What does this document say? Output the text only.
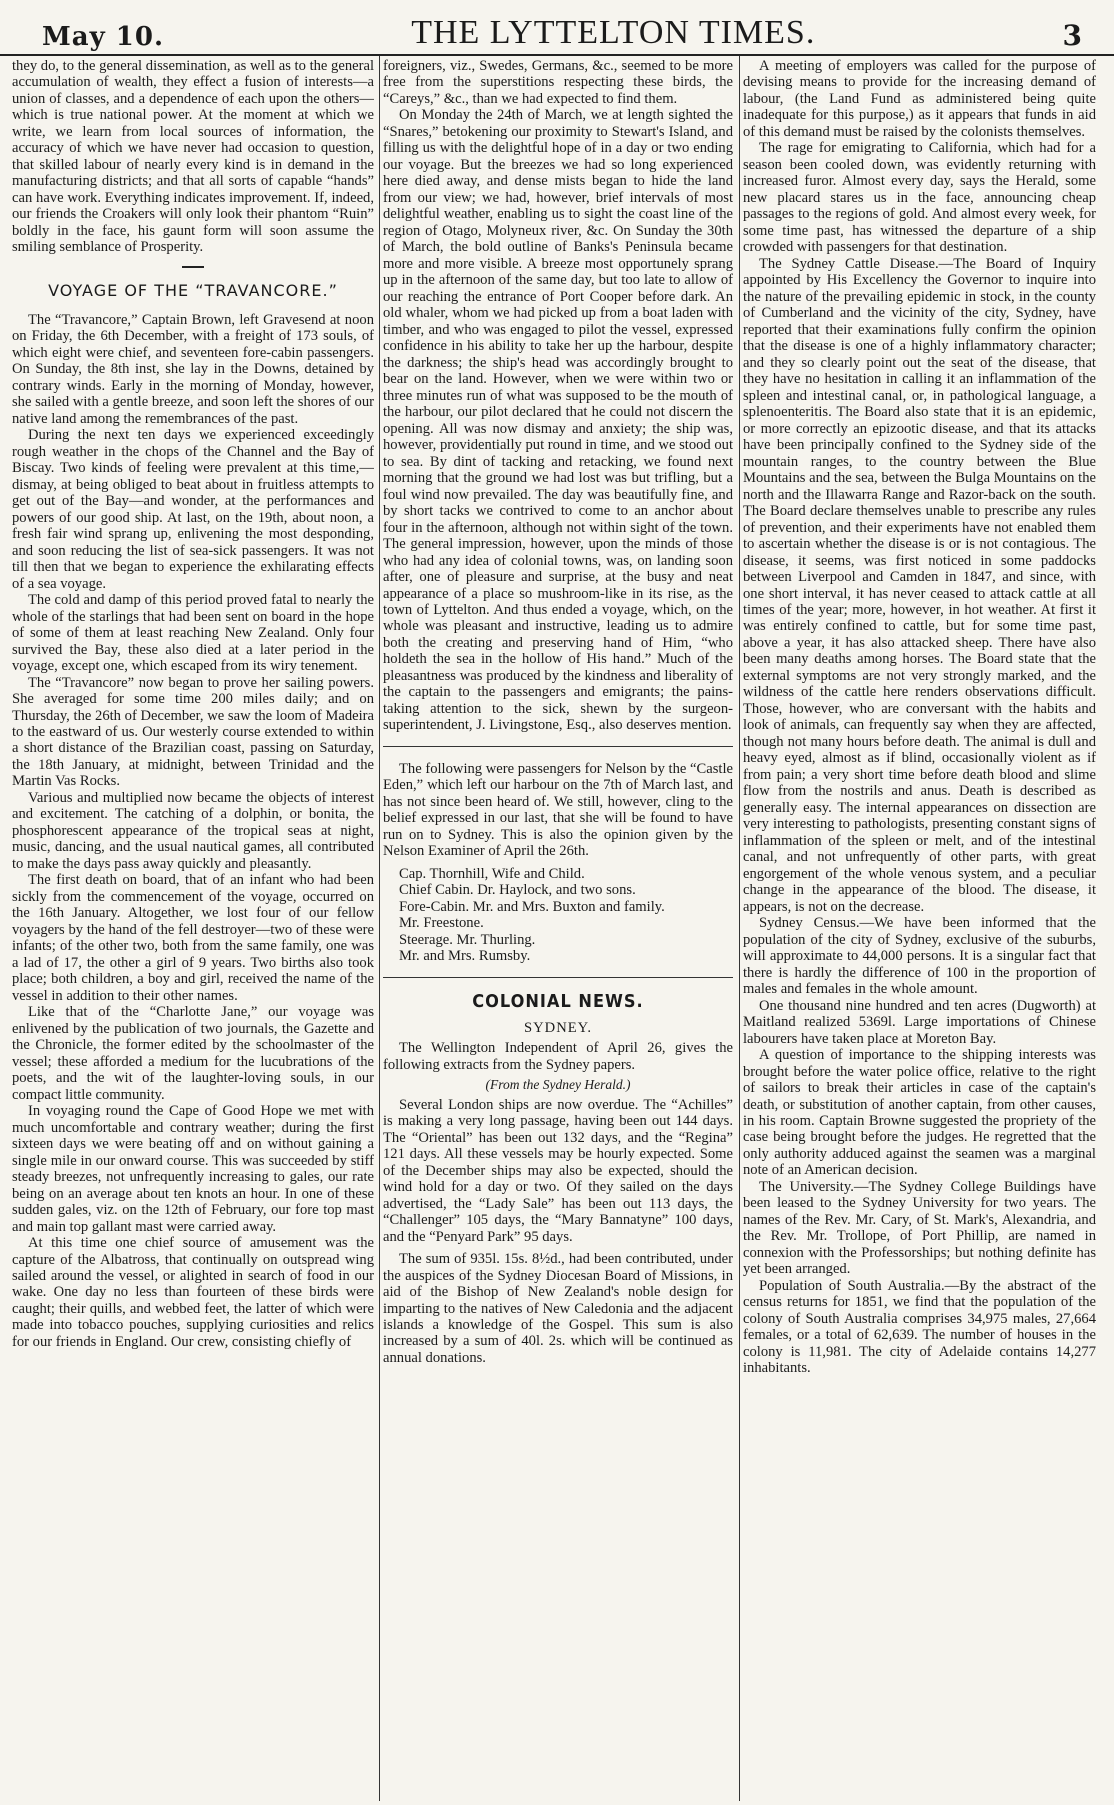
May 10.	THE LYTTELTON TIMES.	3

they do, to the general dissemination, as well as to the general accumulation of wealth, they effect a fusion of interests—a union of classes, and a dependence of each upon the others—which is true national power. At the moment at which we write, we learn from local sources of information, the accuracy of which we have never had occasion to question, that skilled labour of nearly every kind is in demand in the manufacturing districts; and that all sorts of capable “hands” can have work. Everything indicates improvement. If, indeed, our friends the Croakers will only look their phantom “Ruin” boldly in the face, his gaunt form will soon assume the smiling semblance of Prosperity.

VOYAGE OF THE “TRAVANCORE.”

The “Travancore,” Captain Brown, left Gravesend at noon on Friday, the 6th December, with a freight of 173 souls, of which eight were chief, and seventeen fore-cabin passengers. On Sunday, the 8th inst, she lay in the Downs, detained by contrary winds. Early in the morning of Monday, however, she sailed with a gentle breeze, and soon left the shores of our native land among the remembrances of the past.

During the next ten days we experienced exceedingly rough weather in the chops of the Channel and the Bay of Biscay. Two kinds of feeling were prevalent at this time,—dismay, at being obliged to beat about in fruitless attempts to get out of the Bay—and wonder, at the performances and powers of our good ship. At last, on the 19th, about noon, a fresh fair wind sprang up, enlivening the most desponding, and soon reducing the list of sea-sick passengers. It was not till then that we began to experience the exhilarating effects of a sea voyage.

The cold and damp of this period proved fatal to nearly the whole of the starlings that had been sent on board in the hope of some of them at least reaching New Zealand. Only four survived the Bay, these also died at a later period in the voyage, except one, which escaped from its wiry tenement.

The “Travancore” now began to prove her sailing powers. She averaged for some time 200 miles daily; and on Thursday, the 26th of December, we saw the loom of Madeira to the eastward of us. Our westerly course extended to within a short distance of the Brazilian coast, passing on Saturday, the 18th January, at midnight, between Trinidad and the Martin Vas Rocks.

Various and multiplied now became the objects of interest and excitement. The catching of a dolphin, or bonita, the phosphorescent appearance of the tropical seas at night, music, dancing, and the usual nautical games, all contributed to make the days pass away quickly and pleasantly.

The first death on board, that of an infant who had been sickly from the commencement of the voyage, occurred on the 16th January. Altogether, we lost four of our fellow voyagers by the hand of the fell destroyer—two of these were infants; of the other two, both from the same family, one was a lad of 17, the other a girl of 9 years. Two births also took place; both children, a boy and girl, received the name of the vessel in addition to their other names.

Like that of the “Charlotte Jane,” our voyage was enlivened by the publication of two journals, the Gazette and the Chronicle, the former edited by the schoolmaster of the vessel; these afforded a medium for the lucubrations of the poets, and the wit of the laughter-loving souls, in our compact little community.

In voyaging round the Cape of Good Hope we met with much uncomfortable and contrary weather; during the first sixteen days we were beating off and on without gaining a single mile in our onward course. This was succeeded by stiff steady breezes, not unfrequently increasing to gales, our rate being on an average about ten knots an hour. In one of these sudden gales, viz. on the 12th of February, our fore top mast and main top gallant mast were carried away.

At this time one chief source of amusement was the capture of the Albatross, that continually on outspread wing sailed around the vessel, or alighted in search of food in our wake. One day no less than fourteen of these birds were caught; their quills, and webbed feet, the latter of which were made into tobacco pouches, supplying curiosities and relics for our friends in England. Our crew, consisting chiefly of

foreigners, viz., Swedes, Germans, &c., seemed to be more free from the superstitions respecting these birds, the “Careys,” &c., than we had expected to find them.

On Monday the 24th of March, we at length sighted the “Snares,” betokening our proximity to Stewart's Island, and filling us with the delightful hope of in a day or two ending our voyage. But the breezes we had so long experienced here died away, and dense mists began to hide the land from our view; we had, however, brief intervals of most delightful weather, enabling us to sight the coast line of the region of Otago, Molyneux river, &c. On Sunday the 30th of March, the bold outline of Banks's Peninsula became more and more visible. A breeze most opportunely sprang up in the afternoon of the same day, but too late to allow of our reaching the entrance of Port Cooper before dark. An old whaler, whom we had picked up from a boat laden with timber, and who was engaged to pilot the vessel, expressed confidence in his ability to take her up the harbour, despite the darkness; the ship's head was accordingly brought to bear on the land. However, when we were within two or three minutes run of what was supposed to be the mouth of the harbour, our pilot declared that he could not discern the opening. All was now dismay and anxiety; the ship was, however, providentially put round in time, and we stood out to sea. By dint of tacking and retacking, we found next morning that the ground we had lost was but trifling, but a foul wind now prevailed. The day was beautifully fine, and by short tacks we contrived to come to an anchor about four in the afternoon, although not within sight of the town. The general impression, however, upon the minds of those who had any idea of colonial towns, was, on landing soon after, one of pleasure and surprise, at the busy and neat appearance of a place so mushroom-like in its rise, as the town of Lyttelton. And thus ended a voyage, which, on the whole was pleasant and instructive, leading us to admire both the creating and preserving hand of Him, “who holdeth the sea in the hollow of His hand.” Much of the pleasantness was produced by the kindness and liberality of the captain to the passengers and emigrants; the pains-taking attention to the sick, shewn by the surgeon-superintendent, J. Livingstone, Esq., also deserves mention.

The following were passengers for Nelson by the “Castle Eden,” which left our harbour on the 7th of March last, and has not since been heard of. We still, however, cling to the belief expressed in our last, that she will be found to have run on to Sydney. This is also the opinion given by the Nelson Examiner of April the 26th.

Cap. Thornhill, Wife and Child.

Chief Cabin. Dr. Haylock, and two sons.

Fore-Cabin. Mr. and Mrs. Buxton and family.

Mr. Freestone.

Steerage. Mr. Thurling.

Mr. and Mrs. Rumsby.

COLONIAL NEWS.
SYDNEY.

The Wellington Independent of April 26, gives the following extracts from the Sydney papers.

(From the Sydney Herald.)

Several London ships are now overdue. The “Achilles” is making a very long passage, having been out 144 days. The “Oriental” has been out 132 days, and the “Regina” 121 days. All these vessels may be hourly expected. Some of the December ships may also be expected, should the wind hold for a day or two. Of they sailed on the days advertised, the “Lady Sale” has been out 113 days, the “Challenger” 105 days, the “Mary Bannatyne” 100 days, and the “Penyard Park” 95 days.

The sum of 935l. 15s. 8½d., had been contributed, under the auspices of the Sydney Diocesan Board of Missions, in aid of the Bishop of New Zealand's noble design for imparting to the natives of New Caledonia and the adjacent islands a knowledge of the Gospel. This sum is also increased by a sum of 40l. 2s. which will be continued as annual donations.

A meeting of employers was called for the purpose of devising means to provide for the increasing demand of labour, (the Land Fund as administered being quite inadequate for this purpose,) as it appears that funds in aid of this demand must be raised by the colonists themselves.

The rage for emigrating to California, which had for a season been cooled down, was evidently returning with increased furor. Almost every day, says the Herald, some new placard stares us in the face, announcing cheap passages to the regions of gold. And almost every week, for some time past, has witnessed the departure of a ship crowded with passengers for that destination.

The Sydney Cattle Disease.—The Board of Inquiry appointed by His Excellency the Governor to inquire into the nature of the prevailing epidemic in stock, in the county of Cumberland and the vicinity of the city, Sydney, have reported that their examinations fully confirm the opinion that the disease is one of a highly inflammatory character; and they so clearly point out the seat of the disease, that they have no hesitation in calling it an inflammation of the spleen and intestinal canal, or, in pathological language, a splenoenteritis. The Board also state that it is an epidemic, or more correctly an epizootic disease, and that its attacks have been principally confined to the Sydney side of the mountain ranges, to the country between the Blue Mountains and the sea, between the Bulga Mountains on the north and the Illawarra Range and Razor-back on the south. The Board declare themselves unable to prescribe any rules of prevention, and their experiments have not enabled them to ascertain whether the disease is or is not contagious. The disease, it seems, was first noticed in some paddocks between Liverpool and Camden in 1847, and since, with one short interval, it has never ceased to attack cattle at all times of the year; more, however, in hot weather. At first it was entirely confined to cattle, but for some time past, above a year, it has also attacked sheep. There have also been many deaths among horses. The Board state that the external symptoms are not very strongly marked, and the wildness of the cattle here renders observations difficult. Those, however, who are conversant with the habits and look of animals, can frequently say when they are affected, though not many hours before death. The animal is dull and heavy eyed, almost as if blind, occasionally violent as if from pain; a very short time before death blood and slime flow from the nostrils and anus. Death is described as generally easy. The internal appearances on dissection are very interesting to pathologists, presenting constant signs of inflammation of the spleen or melt, and of the intestinal canal, and not unfrequently of other parts, with great engorgement of the whole venous system, and a peculiar change in the appearance of the blood. The disease, it appears, is not on the decrease.

Sydney Census.—We have been informed that the population of the city of Sydney, exclusive of the suburbs, will approximate to 44,000 persons. It is a singular fact that there is hardly the difference of 100 in the proportion of males and females in the whole amount.

One thousand nine hundred and ten acres (Dugworth) at Maitland realized 5369l. Large importations of Chinese labourers have taken place at Moreton Bay.

A question of importance to the shipping interests was brought before the water police office, relative to the right of sailors to break their articles in case of the captain's death, or substitution of another captain, from other causes, in his room. Captain Browne suggested the propriety of the case being brought before the judges. He regretted that the only authority adduced against the seamen was a marginal note of an American decision.

The University.—The Sydney College Buildings have been leased to the Sydney University for two years. The names of the Rev. Mr. Cary, of St. Mark's, Alexandria, and the Rev. Mr. Trollope, of Port Phillip, are named in connexion with the Professorships; but nothing definite has yet been arranged.

Population of South Australia.—By the abstract of the census returns for 1851, we find that the population of the colony of South Australia comprises 34,975 males, 27,664 females, or a total of 62,639. The number of houses in the colony is 11,981. The city of Adelaide contains 14,277 inhabitants.
